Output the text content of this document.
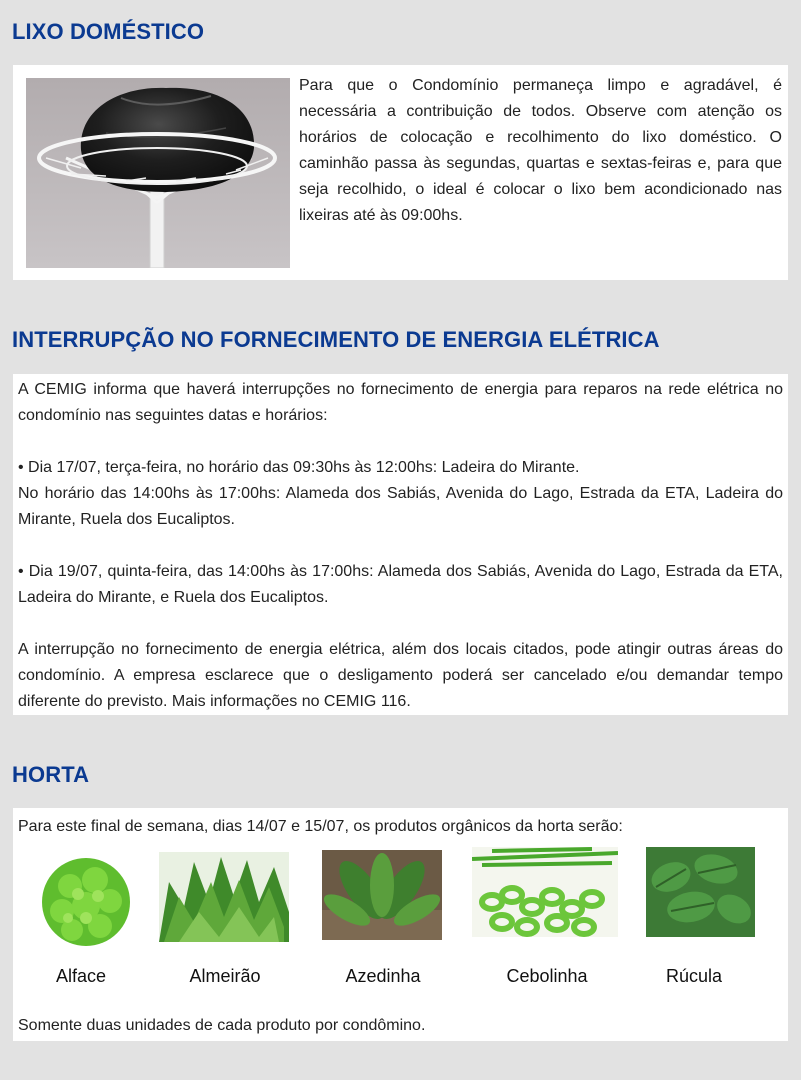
LIXO DOMÉSTICO
Para que o Condomínio permaneça limpo e agradável, é necessária a contribuição de todos. Observe com atenção os horários de colocação e recolhimento do lixo doméstico. O caminhão passa às segundas, quartas e sextas-feiras e, para que seja recolhido, o ideal é colocar o lixo bem acondicionado nas lixeiras até às 09:00hs.
INTERRUPÇÃO NO FORNECIMENTO DE ENERGIA ELÉTRICA

A CEMIG informa que haverá interrupções no fornecimento de energia para reparos na rede elétrica no condomínio nas seguintes datas e horários:

• Dia 17/07, terça-feira, no horário das 09:30hs às 12:00hs: Ladeira do Mirante.

No horário das 14:00hs às 17:00hs: Alameda dos Sabiás, Avenida do Lago, Estrada da ETA, Ladeira do Mirante, Ruela dos Eucaliptos.

• Dia 19/07, quinta-feira, das 14:00hs às 17:00hs: Alameda dos Sabiás, Avenida do Lago, Estrada da ETA, Ladeira do Mirante, e Ruela dos Eucaliptos.

A interrupção no fornecimento de energia elétrica, além dos locais citados, pode atingir outras áreas do condomínio. A empresa esclarece que o desligamento poderá ser cancelado e/ou demandar tempo diferente do previsto. Mais informações no CEMIG 116.

HORTA
Para este final de semana, dias 14/07 e 15/07, os produtos orgânicos da horta serão:
Alface	Almeirão	Azedinha	Cebolinha	Rúcula
Somente duas unidades de cada produto por condômino.
